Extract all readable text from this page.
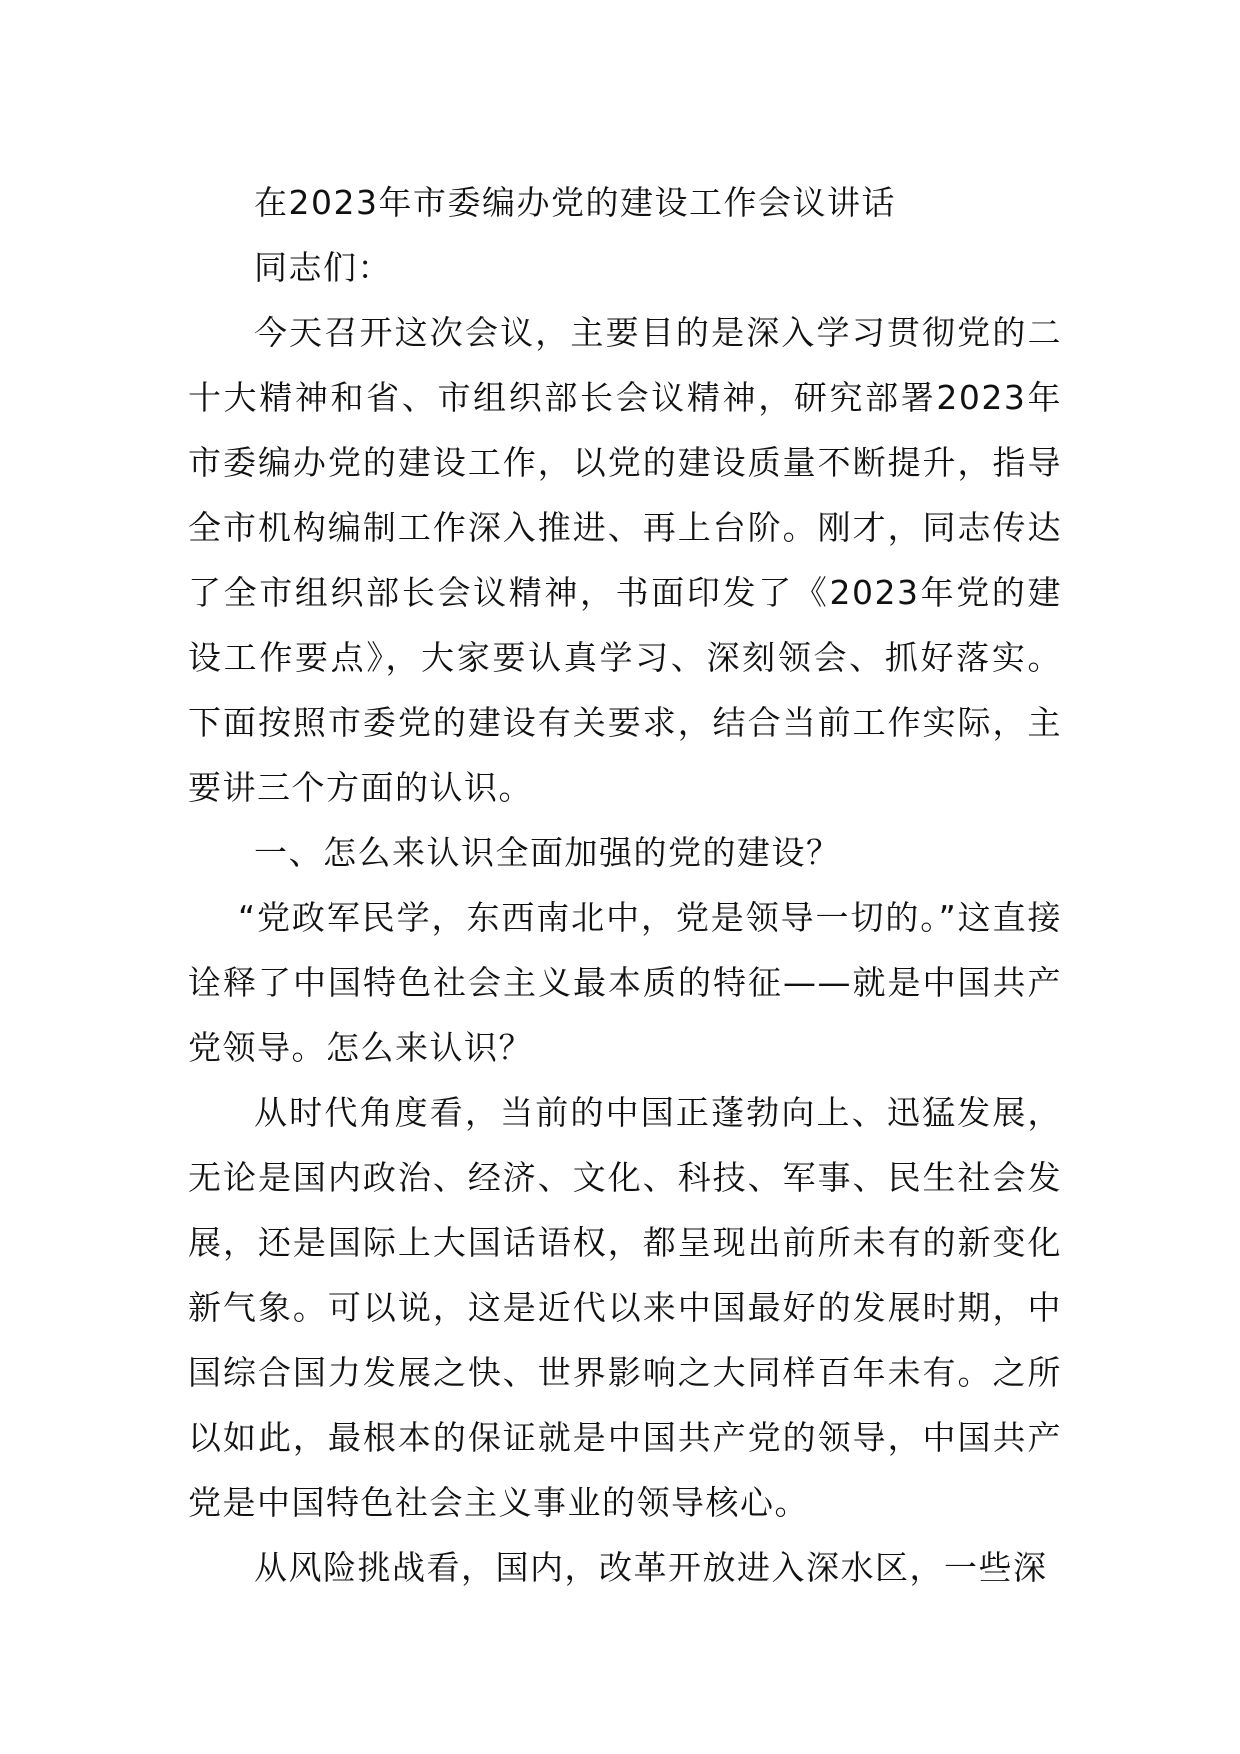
在2023年市委编办党的建设工作会议讲话

同志们：

今天召开这次会议，主要目的是深入学习贯彻党的二十大精神和省、市组织部长会议精神，研究部署2023年市委编办党的建设工作，以党的建设质量不断提升，指导全市机构编制工作深入推进、再上台阶。刚才，同志传达了全市组织部长会议精神，书面印发了《2023年党的建设工作要点》，大家要认真学习、深刻领会、抓好落实。下面按照市委党的建设有关要求，结合当前工作实际，主要讲三个方面的认识。

一、怎么来认识全面加强的党的建设？

“党政军民学，东西南北中，党是领导一切的。”这直接诠释了中国特色社会主义最本质的特征——就是中国共产党领导。怎么来认识？

从时代角度看，当前的中国正蓬勃向上、迅猛发展，无论是国内政治、经济、文化、科技、军事、民生社会发展，还是国际上大国话语权，都呈现出前所未有的新变化新气象。可以说，这是近代以来中国最好的发展时期，中国综合国力发展之快、世界影响之大同样百年未有。之所以如此，最根本的保证就是中国共产党的领导，中国共产党是中国特色社会主义事业的领导核心。

从风险挑战看，国内，改革开放进入深水区，一些深
